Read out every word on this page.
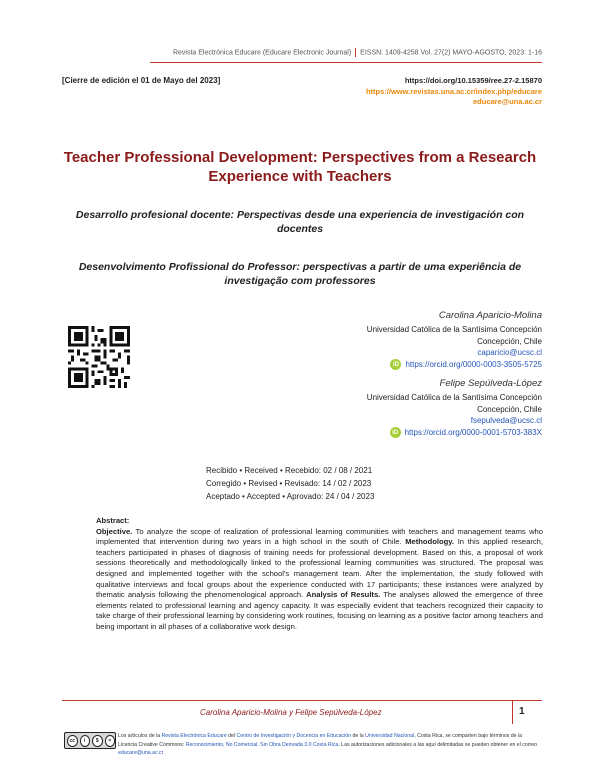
Revista Electrónica Educare (Educare Electronic Journal) EISSN: 1409-4258 Vol. 27(2) MAYO-AGOSTO, 2023: 1-16
[Cierre de edición el 01 de Mayo del 2023]	https://doi.org/10.15359/ree.27-2.15870
https://www.revistas.una.ac.cr/index.php/educare
educare@una.ac.cr
Teacher Professional Development: Perspectives from a Research Experience with Teachers
Desarrollo profesional docente: Perspectivas desde una experiencia de investigación con docentes
Desenvolvimento Profissional do Professor: perspectivas a partir de uma experiência de investigação com professores
Carolina Aparicio-Molina
Universidad Católica de la Santísima Concepción
Concepción, Chile
caparicio@ucsc.cl
iD https://orcid.org/0000-0003-3505-5725
Felipe Sepúlveda-López
Universidad Católica de la Santísima Concepción
Concepción, Chile
fsepulveda@ucsc.cl
iD https://orcid.org/0000-0001-5703-383X
Recibido • Received • Recebido: 02 / 08 / 2021
Corregido • Revised • Revisado: 14 / 02 / 2023
Aceptado • Accepted • Aprovado: 24 / 04 / 2023
Abstract:
Objective. To analyze the scope of realization of professional learning communities with teachers and management teams who implemented that intervention during two years in a high school in the south of Chile. Methodology. In this applied research, teachers participated in phases of diagnosis of training needs for professional development. Based on this, a proposal of work sessions theoretically and methodologically linked to the professional learning communities was structured. The proposal was designed and implemented together with the school's management team. After the implementation, the study followed with qualitative interviews and focal groups about the experience conducted with 17 participants; these instances were analyzed by thematic analysis following the phenomenological approach. Analysis of Results. The analyses allowed the emergence of three elements related to professional learning and agency capacity. It was especially evident that teachers recognized their capacity to take charge of their professional learning by considering work routines, focusing on learning as a positive factor among teachers and being important in all phases of a collaborative work design.
Carolina Aparicio-Molina y Felipe Sepúlveda-López	1
cc	i	$	=
Los artículos de la Revista Electrónica Educare del Centro de Investigación y Docencia en Educación de la Universidad Nacional, Costa Rica, se comparten bajo términos de la Licencia Creative Commons: Reconocimiento, No Comercial, Sin Obra Derivada 3.0 Costa Rica. Las autorizaciones adicionales a las aquí delimitadas se pueden obtener en el correo educare@una.ac.cr
